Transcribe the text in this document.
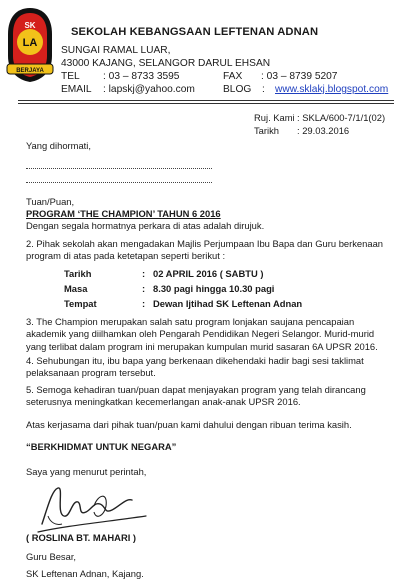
SK
LA
BERJAYA
SEKOLAH KEBANGSAAN LEFTENAN ADNAN
SUNGAI RAMAL LUAR,
43000 KAJANG, SELANGOR DARUL EHSAN
TEL : 03 – 8733 3595	FAX : 03 – 8739 5207
EMAIL : lapskj@yahoo.com	BLOG : www.sklakj.blogspot.com
Ruj. Kami : SKLA/600-7/1/1(02)
Tarikh : 29.03.2016
Yang dihormati,
Tuan/Puan,
PROGRAM ‘THE CHAMPION’ TAHUN 6 2016
Dengan segala hormatnya perkara di atas adalah dirujuk.
2. Pihak sekolah akan mengadakan Majlis Perjumpaan Ibu Bapa dan Guru berkenaan
program di atas pada ketetapan seperti berikut :
Tarikh	: 02 APRIL 2016 ( SABTU )
Masa	: 8.30 pagi hingga 10.30 pagi
Tempat	: Dewan Ijtihad SK Leftenan Adnan
3. The Champion merupakan salah satu program lonjakan saujana pencapaian
akademik yang diilhamkan oleh Pengarah Pendidikan Negeri Selangor. Murid-murid
yang terlibat dalam program ini merupakan kumpulan murid sasaran 6A UPSR 2016.
4. Sehubungan itu, ibu bapa yang berkenaan dikehendaki hadir bagi sesi taklimat
pelaksanaan program tersebut.
5. Semoga kehadiran tuan/puan dapat menjayakan program yang telah dirancang
seterusnya meningkatkan kecemerlangan anak-anak UPSR 2016.
Atas kerjasama dari pihak tuan/puan kami dahului dengan ribuan terima kasih.
“BERKHIDMAT UNTUK NEGARA”
Saya yang menurut perintah,
( ROSLINA BT. MAHARI )
Guru Besar,
SK Leftenan Adnan, Kajang.
